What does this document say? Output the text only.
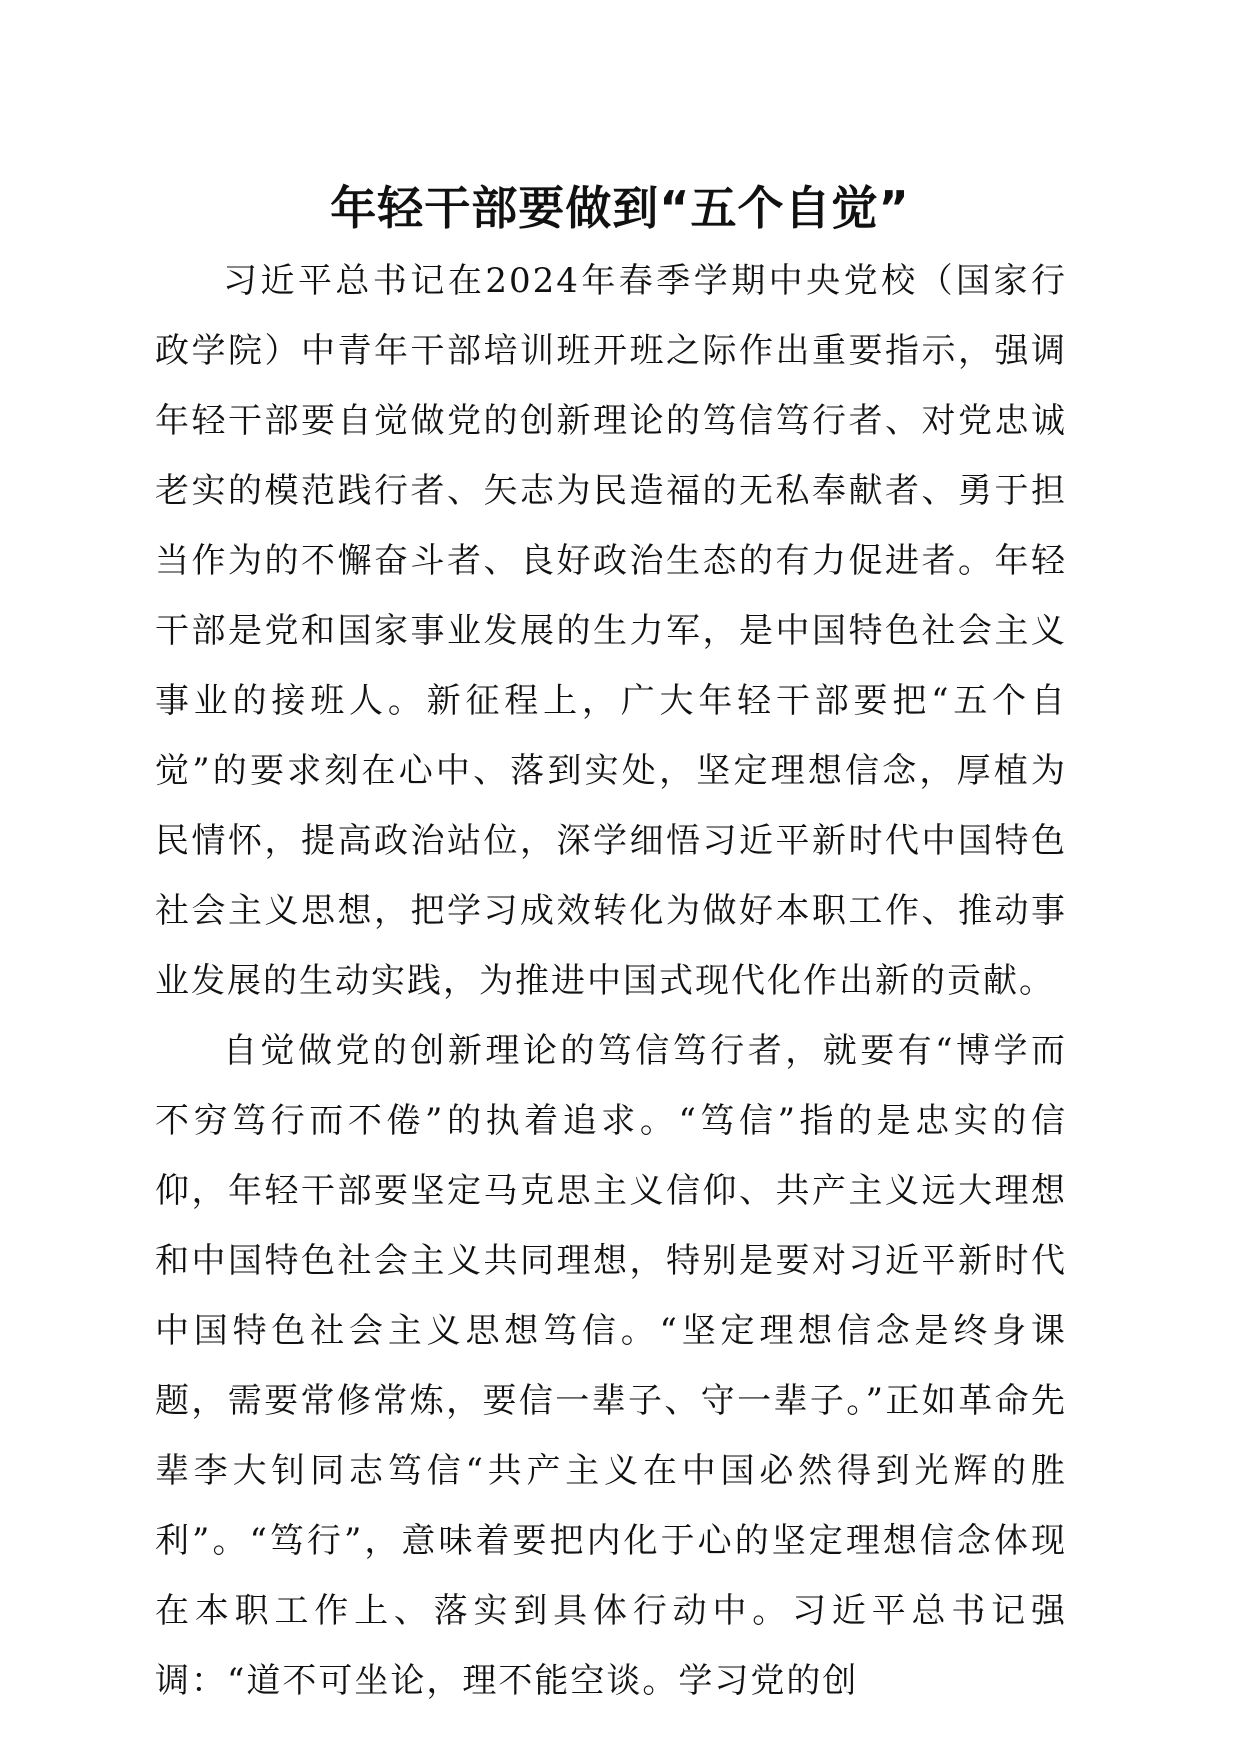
年轻干部要做到“五个自觉”

习近平总书记在2024年春季学期中央党校（国家行政学院）中青年干部培训班开班之际作出重要指示，强调年轻干部要自觉做党的创新理论的笃信笃行者、对党忠诚老实的模范践行者、矢志为民造福的无私奉献者、勇于担当作为的不懈奋斗者、良好政治生态的有力促进者。年轻干部是党和国家事业发展的生力军，是中国特色社会主义事业的接班人。新征程上，广大年轻干部要把“五个自觉”的要求刻在心中、落到实处，坚定理想信念，厚植为民情怀，提高政治站位，深学细悟习近平新时代中国特色社会主义思想，把学习成效转化为做好本职工作、推动事业发展的生动实践，为推进中国式现代化作出新的贡献。

自觉做党的创新理论的笃信笃行者，就要有“博学而不穷笃行而不倦”的执着追求。“笃信”指的是忠实的信仰，年轻干部要坚定马克思主义信仰、共产主义远大理想和中国特色社会主义共同理想，特别是要对习近平新时代中国特色社会主义思想笃信。“坚定理想信念是终身课题，需要常修常炼，要信一辈子、守一辈子。”正如革命先辈李大钊同志笃信“共产主义在中国必然得到光辉的胜利”。“笃行”，意味着要把内化于心的坚定理想信念体现在本职工作上、落实到具体行动中。习近平总书记强调：“道不可坐论，理不能空谈。学习党的创
